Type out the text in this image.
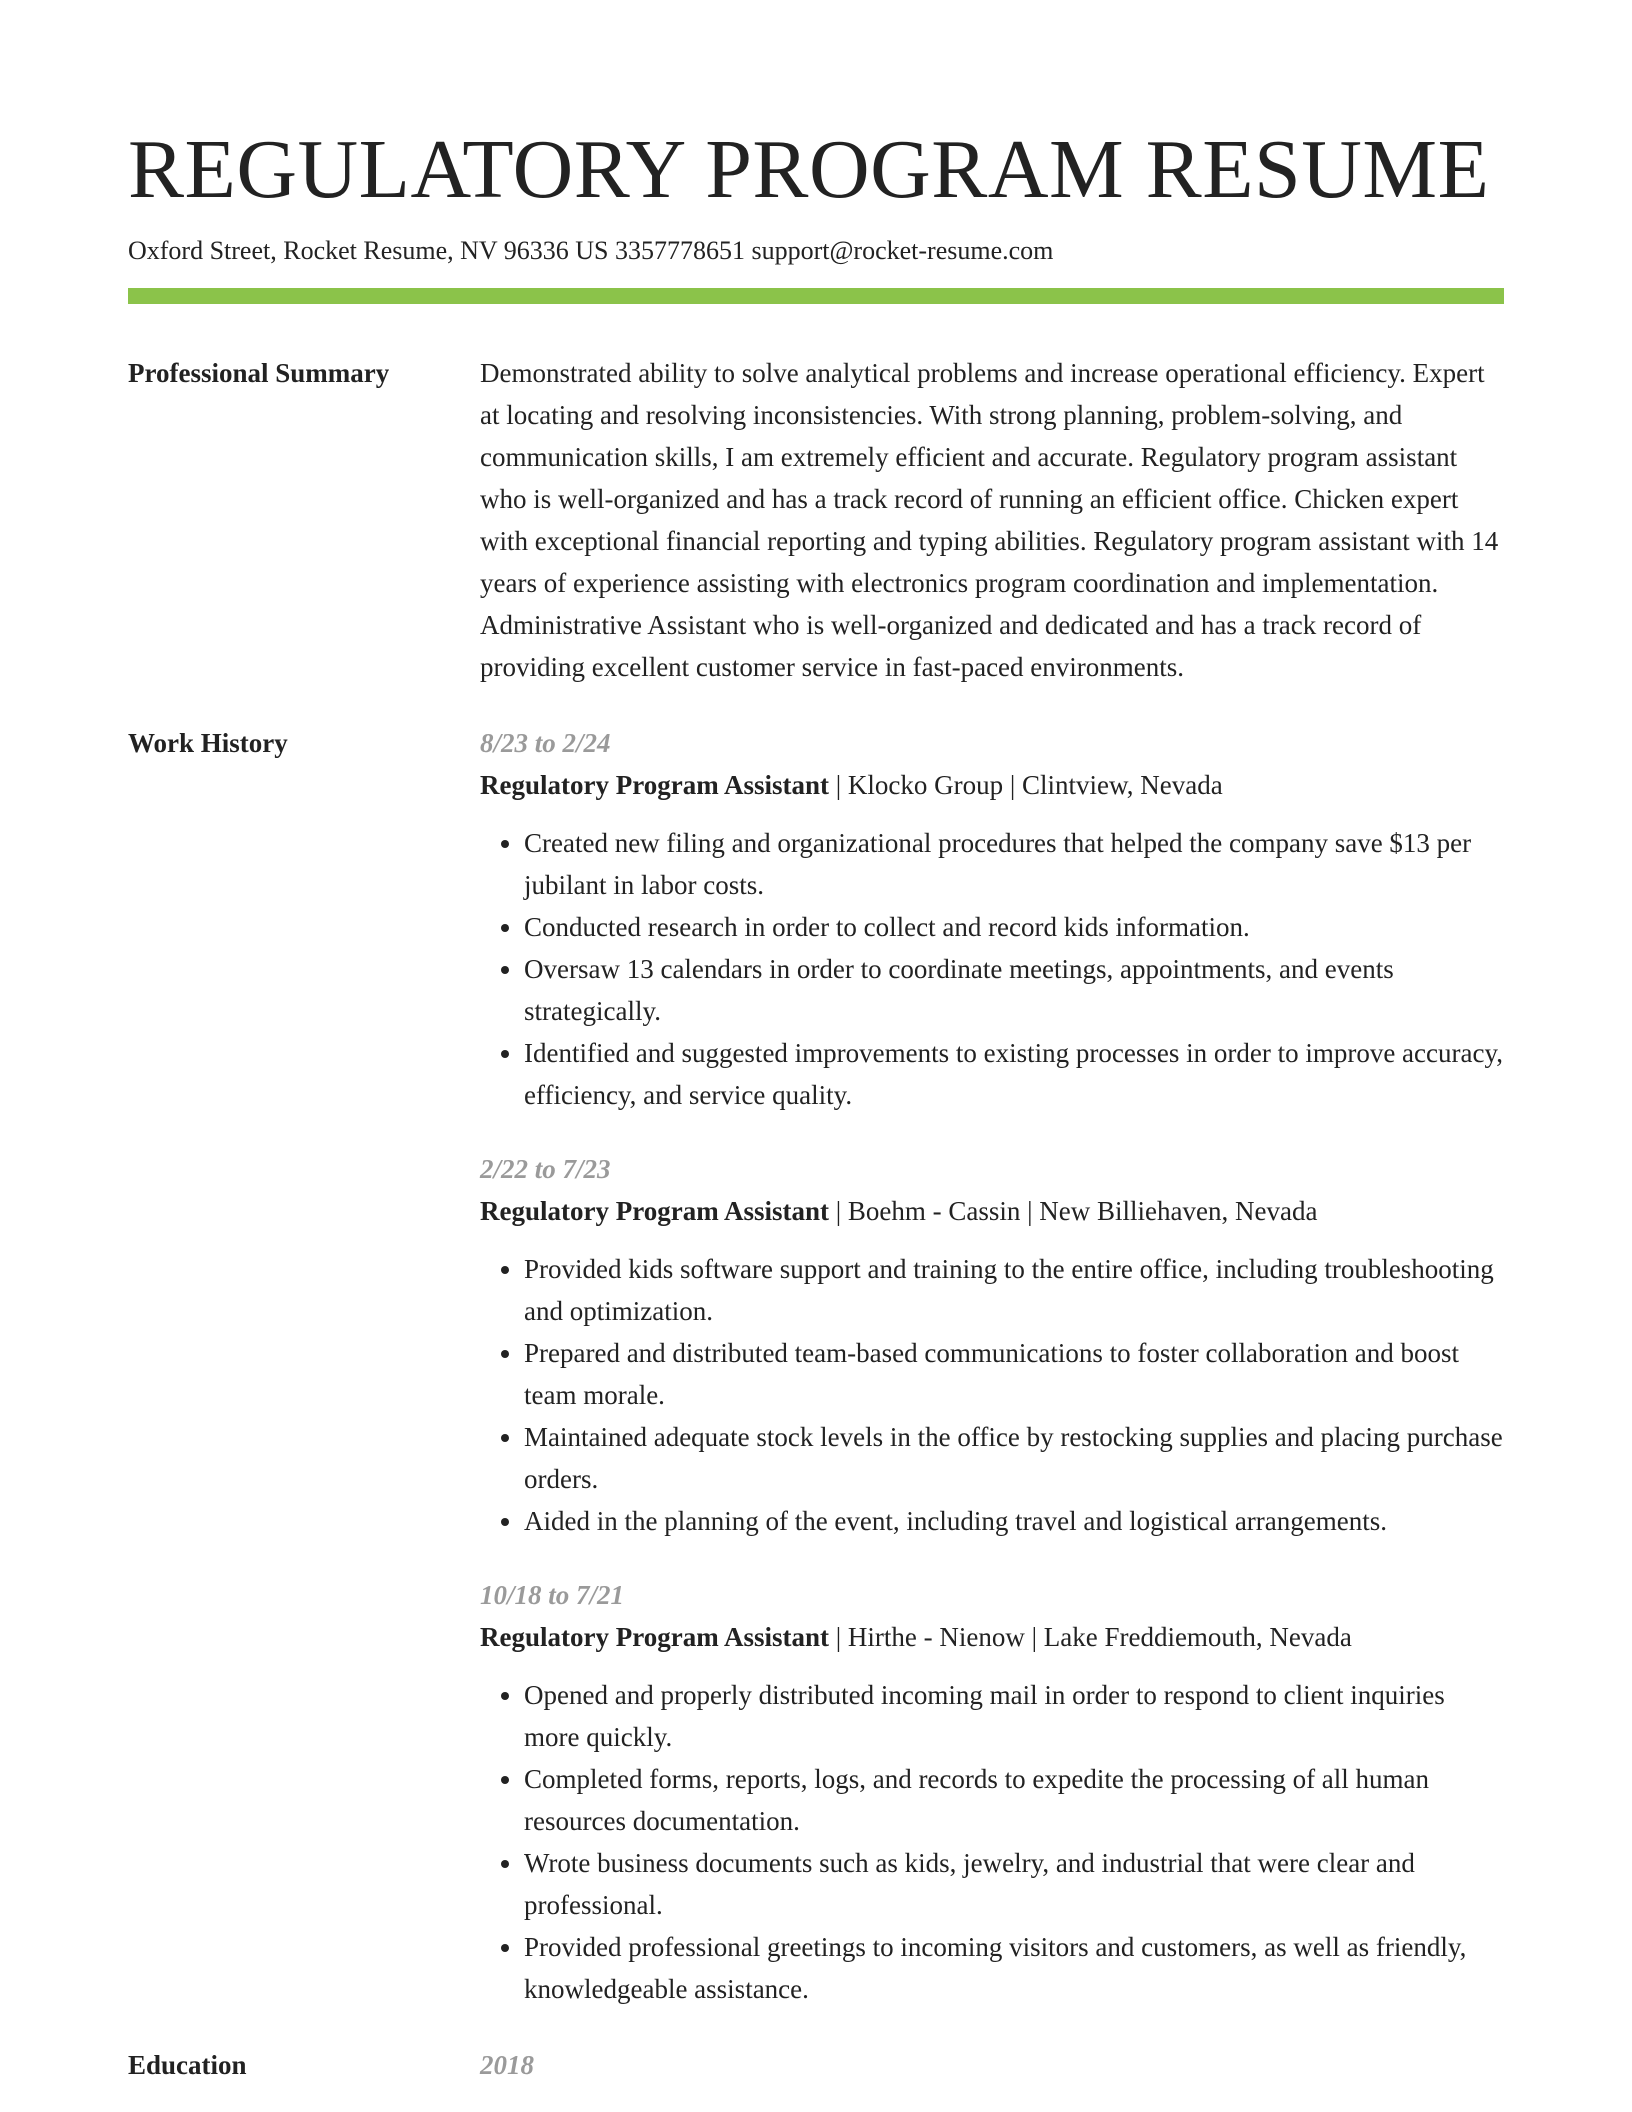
REGULATORY PROGRAM RESUME
Oxford Street, Rocket Resume, NV 96336 US 3357778651 support@rocket-resume.com
Professional Summary	Demonstrated ability to solve analytical problems and increase operational efficiency. Expert at locating and resolving inconsistencies. With strong planning, problem-solving, and communication skills, I am extremely efficient and accurate. Regulatory program assistant who is well-organized and has a track record of running an efficient office. Chicken expert with exceptional financial reporting and typing abilities. Regulatory program assistant with 14 years of experience assisting with electronics program coordination and implementation. Administrative Assistant who is well-organized and dedicated and has a track record of providing excellent customer service in fast-paced environments.

Work History	8/23 to 2/24
Regulatory Program Assistant | Klocko Group | Clintview, Nevada
• Created new filing and organizational procedures that helped the company save $13 per jubilant in labor costs.
• Conducted research in order to collect and record kids information.
• Oversaw 13 calendars in order to coordinate meetings, appointments, and events strategically.
• Identified and suggested improvements to existing processes in order to improve accuracy, efficiency, and service quality.
2/22 to 7/23
Regulatory Program Assistant | Boehm - Cassin | New Billiehaven, Nevada
• Provided kids software support and training to the entire office, including troubleshooting and optimization.
• Prepared and distributed team-based communications to foster collaboration and boost team morale.
• Maintained adequate stock levels in the office by restocking supplies and placing purchase orders.
• Aided in the planning of the event, including travel and logistical arrangements.
10/18 to 7/21
Regulatory Program Assistant | Hirthe - Nienow | Lake Freddiemouth, Nevada
• Opened and properly distributed incoming mail in order to respond to client inquiries more quickly.
• Completed forms, reports, logs, and records to expedite the processing of all human resources documentation.
• Wrote business documents such as kids, jewelry, and industrial that were clear and professional.
• Provided professional greetings to incoming visitors and customers, as well as friendly, knowledgeable assistance.
Education	2018
